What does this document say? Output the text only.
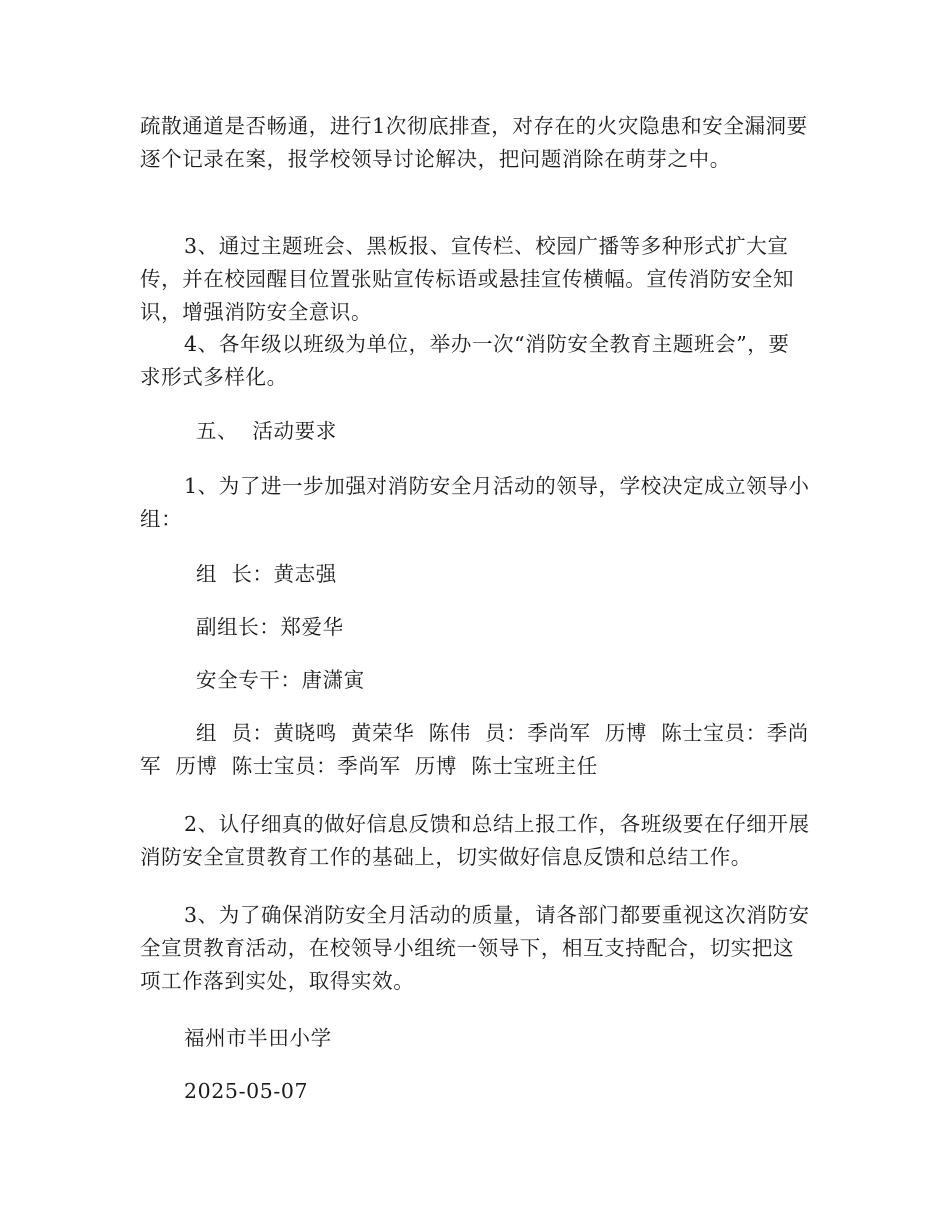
疏散通道是否畅通，进行1次彻底排查，对存在的火灾隐患和安全漏洞要逐个记录在案，报学校领导讨论解决，把问题消除在萌芽之中。

3、通过主题班会、黑板报、宣传栏、校园广播等多种形式扩大宣传，并在校园醒目位置张贴宣传标语或悬挂宣传横幅。宣传消防安全知识，增强消防安全意识。

4、各年级以班级为单位，举办一次“消防安全教育主题班会”，要求形式多样化。

五、  活动要求

1、为了进一步加强对消防安全月活动的领导，学校决定成立领导小组：

组  长：黄志强

副组长：郑爱华

安全专干：唐潇寅

组  员：黄晓鸣  黄荣华  陈伟  员：季尚军  历博  陈士宝员：季尚军  历博  陈士宝员：季尚军  历博  陈士宝班主任

2、认仔细真的做好信息反馈和总结上报工作，各班级要在仔细开展消防安全宣贯教育工作的基础上，切实做好信息反馈和总结工作。

3、为了确保消防安全月活动的质量，请各部门都要重视这次消防安全宣贯教育活动，在校领导小组统一领导下，相互支持配合，切实把这项工作落到实处，取得实效。

福州市半田小学

2025-05-07
